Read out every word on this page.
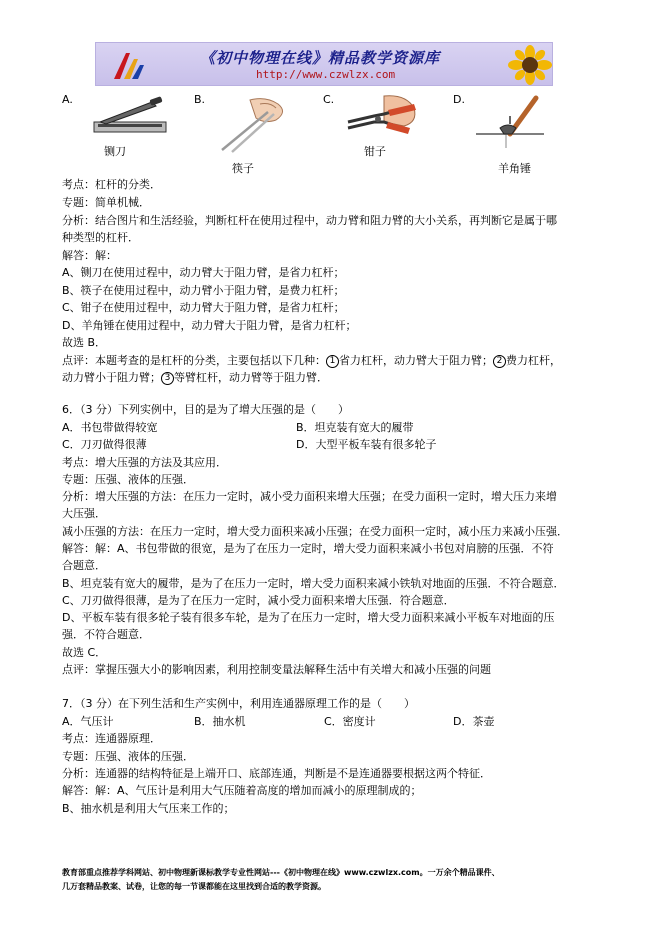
《初中物理在线》精品教学资源库
http://www.czwlzx.com
A.	B.	C.	D.
铡刀
筷子
钳子
羊角锤
考点：杠杆的分类．
专题：简单机械．
分析：结合图片和生活经验，判断杠杆在使用过程中，动力臂和阻力臂的大小关系，再判断它是属于哪
种类型的杠杆．
解答：解：
A、铡刀在使用过程中，动力臂大于阻力臂，是省力杠杆；
B、筷子在使用过程中，动力臂小于阻力臂，是费力杠杆；
C、钳子在使用过程中，动力臂大于阻力臂，是省力杠杆；
D、羊角锤在使用过程中，动力臂大于阻力臂，是省力杠杆；
故选 B．
点评：本题考查的是杠杆的分类，主要包括以下几种： 1 省力杠杆，动力臂大于阻力臂； 2 费力杠杆，
动力臂小于阻力臂； 3 等臂杠杆，动力臂等于阻力臂．
6．（3 分）下列实例中，目的是为了增大压强的是（　　）
A．书包带做得较宽	B．坦克装有宽大的履带
C．刀刃做得很薄	D．大型平板车装有很多轮子
考点：增大压强的方法及其应用．
专题：压强、液体的压强．
分析：增大压强的方法：在压力一定时，减小受力面积来增大压强；在受力面积一定时，增大压力来增
大压强．
减小压强的方法：在压力一定时，增大受力面积来减小压强；在受力面积一定时，减小压力来减小压强．
解答：解：A、书包带做的很宽，是为了在压力一定时，增大受力面积来减小书包对肩膀的压强．不符
合题意．
B、坦克装有宽大的履带，是为了在压力一定时，增大受力面积来减小铁轨对地面的压强．不符合题意．
C、刀刃做得很薄，是为了在压力一定时，减小受力面积来增大压强．符合题意．
D、平板车装有很多轮子装有很多车轮，是为了在压力一定时，增大受力面积来减小平板车对地面的压
强．不符合题意．
故选 C．
点评：掌握压强大小的影响因素，利用控制变量法解释生活中有关增大和减小压强的问题
7．（3 分）在下列生活和生产实例中，利用连通器原理工作的是（　　）
A．气压计	B．抽水机	C．密度计	D．茶壶
考点：连通器原理．
专题：压强、液体的压强．
分析：连通器的结构特征是上端开口、底部连通，判断是不是连通器要根据这两个特征．
解答：解：A、气压计是利用大气压随着高度的增加而减小的原理制成的；
B、抽水机是利用大气压来工作的；
教育部重点推荐学科网站、初中物理新课标教学专业性网站---《初中物理在线》www.czwlzx.com。一万余个精品课件、
几万套精品教案、试卷，让您的每一节课都能在这里找到合适的教学资源。
